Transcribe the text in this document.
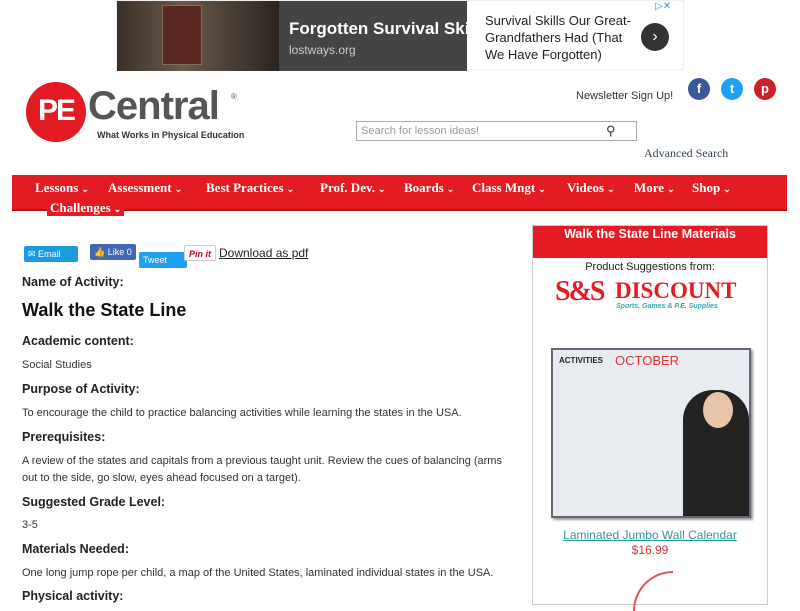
Forgotten Survival Skills
lostways.org
Survival Skills Our Great-Grandfathers Had (That We Have Forgotten)
›
▷✕
PE Central ®
What Works in Physical Education
Newsletter Sign Up!	f	t	p
Search for lesson ideas!	⚲
Advanced Search
Lessons ⌄ Assessment ⌄ Best Practices ⌄ Prof. Dev. ⌄ Boards ⌄ Class Mngt ⌄ Videos ⌄ More ⌄ Shop ⌄
Challenges ⌄
✉ Email	👍 Like 0
Tweet
Pin it Download as pdf
Name of Activity:
Walk the State Line
Academic content:
Social Studies
Purpose of Activity:
To encourage the child to practice balancing activities while learning the states in the USA.
Prerequisites:
A review of the states and capitals from a previous taught unit. Review the cues of balancing (arms out to the side, go slow, eyes ahead focused on a target).
Suggested Grade Level:
3-5
Materials Needed:
One long jump rope per child, a map of the United States, laminated individual states in the USA.
Physical activity:
Walk the State Line Materials
Product Suggestions from:
S&S DISCOUNT
Sports, Games & P.E. Supplies
ACTIVITIES OCTOBER
Laminated Jumbo Wall Calendar
$16.99
